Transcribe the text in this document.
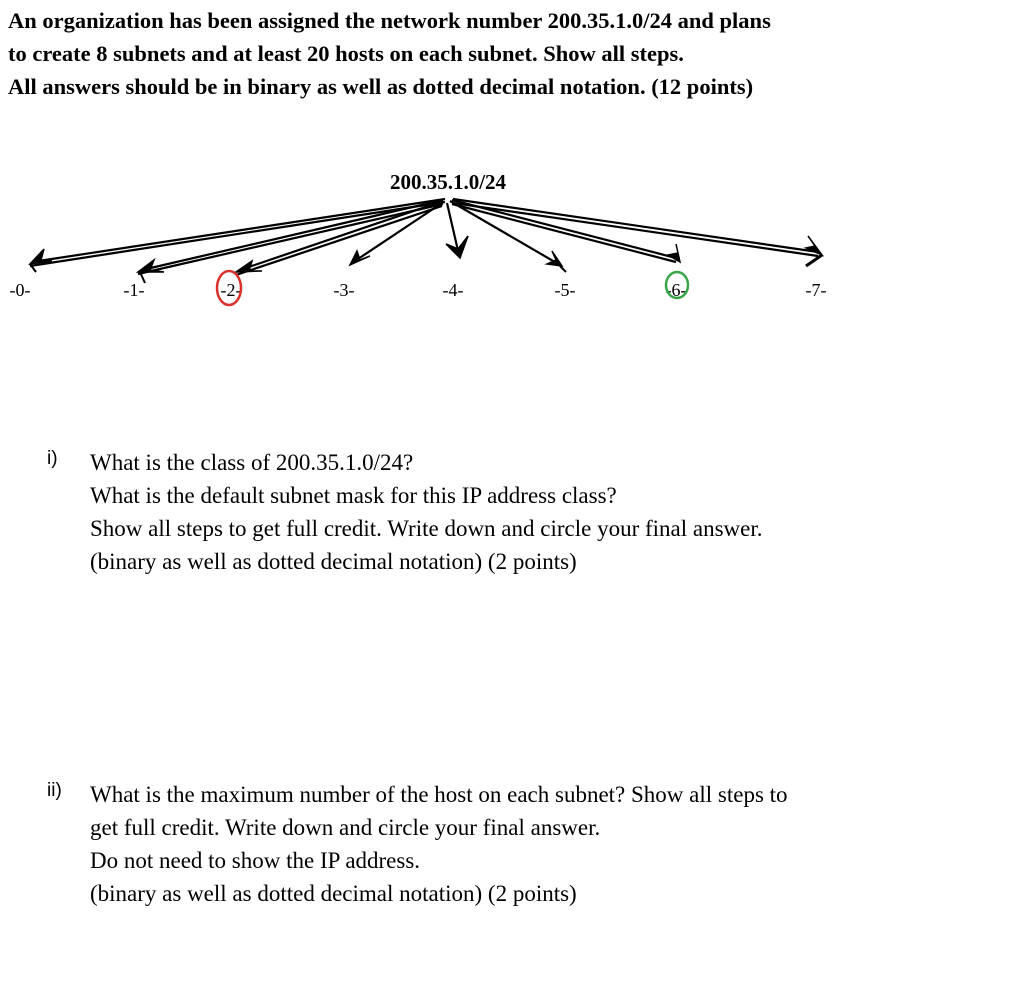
An organization has been assigned the network number 200.35.1.0/24 and plans
to create 8 subnets and at least 20 hosts on each subnet. Show all steps.
All answers should be in binary as well as dotted decimal notation. (12 points)
200.35.1.0/24
-0-	-1-	-2-	-3-	-4-	-5-	-6-	-7-
i) What is the class of 200.35.1.0/24?
What is the default subnet mask for this IP address class?
Show all steps to get full credit. Write down and circle your final answer.
(binary as well as dotted decimal notation) (2 points)
ii) What is the maximum number of the host on each subnet? Show all steps to
get full credit. Write down and circle your final answer.
Do not need to show the IP address.
(binary as well as dotted decimal notation) (2 points)
